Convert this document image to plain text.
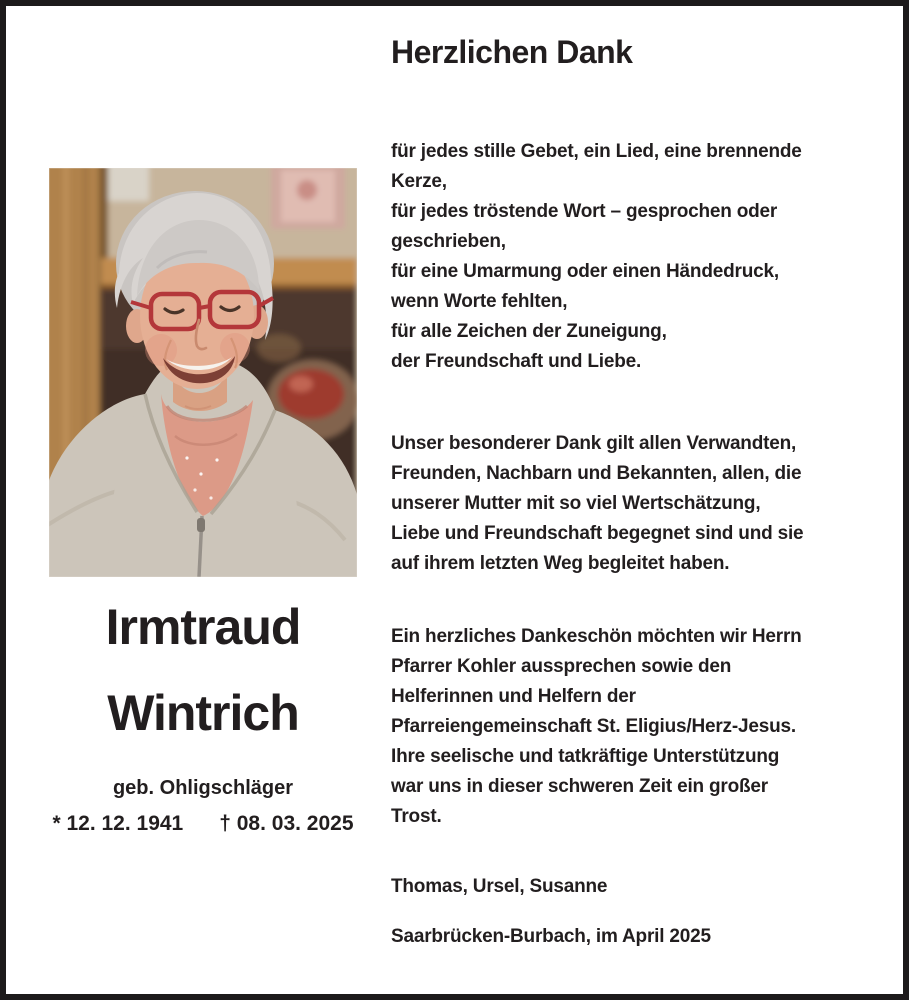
Herzlichen Dank
Irmtraud
Wintrich
geb. Ohligschläger
* 12. 12. 1941 † 08. 03. 2025
für jedes stille Gebet, ein Lied, eine brennende
Kerze,
für jedes tröstende Wort – gesprochen oder
geschrieben,
für eine Umarmung oder einen Händedruck,
wenn Worte fehlten,
für alle Zeichen der Zuneigung,
der Freundschaft und Liebe.
Unser besonderer Dank gilt allen Verwandten,
Freunden, Nachbarn und Bekannten, allen, die
unserer Mutter mit so viel Wertschätzung,
Liebe und Freundschaft begegnet sind und sie
auf ihrem letzten Weg begleitet haben.
Ein herzliches Dankeschön möchten wir Herrn
Pfarrer Kohler aussprechen sowie den
Helferinnen und Helfern der
Pfarreiengemeinschaft St. Eligius/Herz-Jesus.
Ihre seelische und tatkräftige Unterstützung
war uns in dieser schweren Zeit ein großer
Trost.
Thomas, Ursel, Susanne
Saarbrücken-Burbach, im April 2025
